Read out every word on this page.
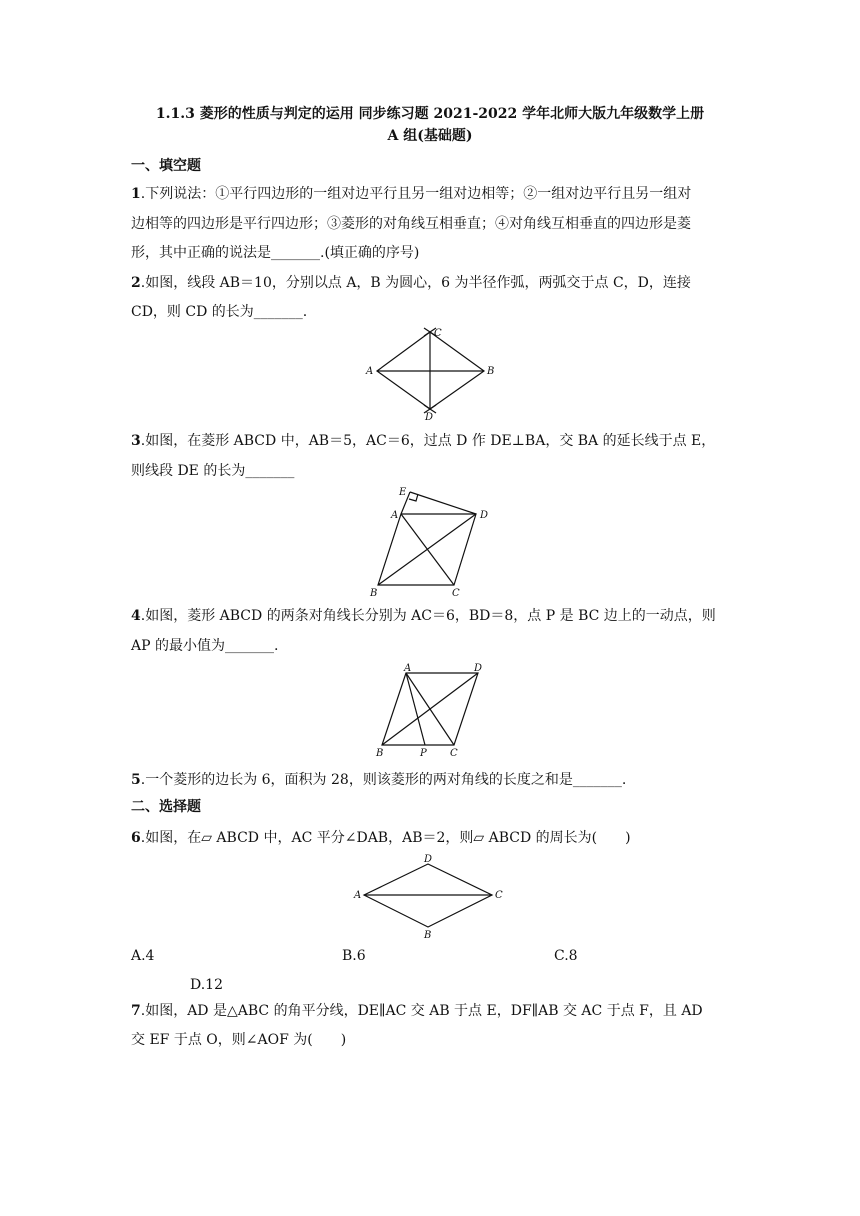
1.1.3 菱形的性质与判定的运用 同步练习题 2021-2022 学年北师大版九年级数学上册
A 组(基础题)
一、填空题
1.下列说法：①平行四边形的一组对边平行且另一组对边相等；②一组对边平行且另一组对
边相等的四边形是平行四边形；③菱形的对角线互相垂直；④对角线互相垂直的四边形是菱
形，其中正确的说法是_______.(填正确的序号)
2.如图，线段 AB＝10，分别以点 A，B 为圆心，6 为半径作弧，两弧交于点 C，D，连接
CD，则 CD 的长为_______.
A	B
C
D
3.如图，在菱形 ABCD 中，AB＝5，AC＝6，过点 D 作 DE⊥BA，交 BA 的延长线于点 E，
则线段 DE 的长为_______
E
A	D
B	C
4.如图，菱形 ABCD 的两条对角线长分别为 AC＝6，BD＝8，点 P 是 BC 边上的一动点，则
AP 的最小值为_______.
A	D
B	P C
5.一个菱形的边长为 6，面积为 28，则该菱形的两对角线的长度之和是_______.
二、选择题
6.如图，在▱ ABCD 中，AC 平分∠DAB，AB＝2，则▱ ABCD 的周长为(　　)
D
A	C
B
A.4	B.6	C.8
D.12
7.如图，AD 是△ABC 的角平分线，DE∥AC 交 AB 于点 E，DF∥AB 交 AC 于点 F，且 AD
交 EF 于点 O，则∠AOF 为(　　)
